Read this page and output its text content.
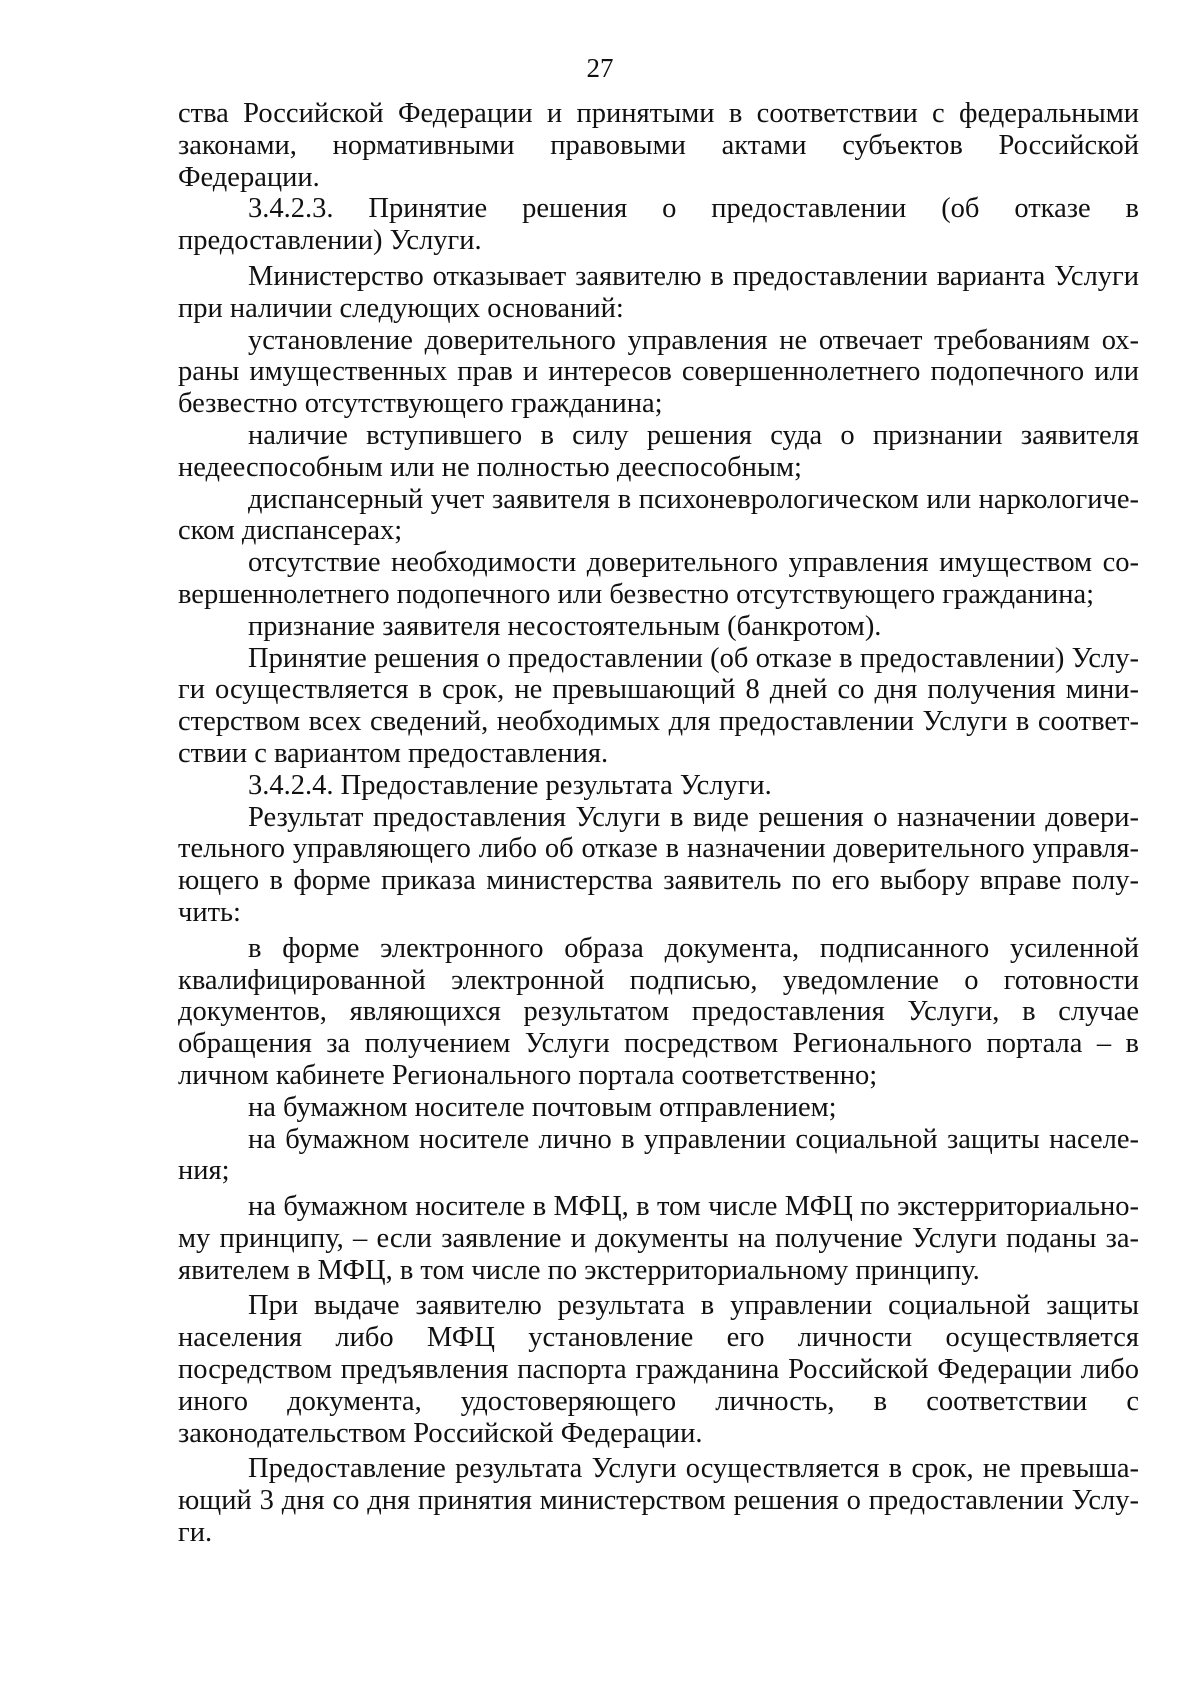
27

ства Российской Федерации и принятыми в соответствии с федеральными законами, нормативными правовыми актами субъектов Российской Федерации.

3.4.2.3. Принятие решения о предоставлении (об отказе в предоставлении) Услуги.

Министерство отказывает заявителю в предоставлении варианта Услуги при наличии следующих оснований:

установление доверительного управления не отвечает требованиям охраны имущественных прав и интересов совершеннолетнего подопечного или безвестно отсутствующего гражданина;

наличие вступившего в силу решения суда о признании заявителя недееспособным или не полностью дееспособным;

диспансерный учет заявителя в психоневрологическом или наркологическом диспансерах;

отсутствие необходимости доверительного управления имуществом совершеннолетнего подопечного или безвестно отсутствующего гражданина;

признание заявителя несостоятельным (банкротом).

Принятие решения о предоставлении (об отказе в предоставлении) Услуги осуществляется в срок, не превышающий 8 дней со дня получения министерством всех сведений, необходимых для предоставлении Услуги в соответствии с вариантом предоставления.

3.4.2.4. Предоставление результата Услуги.

Результат предоставления Услуги в виде решения о назначении доверительного управляющего либо об отказе в назначении доверительного управляющего в форме приказа министерства заявитель по его выбору вправе получить:

в форме электронного образа документа, подписанного усиленной квалифицированной электронной подписью, уведомление о готовности документов, являющихся результатом предоставления Услуги, в случае обращения за получением Услуги посредством Регионального портала – в личном кабинете Регионального портала соответственно;

на бумажном носителе почтовым отправлением;

на бумажном носителе лично в управлении социальной защиты населения;

на бумажном носителе в МФЦ, в том числе МФЦ по экстерриториальному принципу, – если заявление и документы на получение Услуги поданы заявителем в МФЦ, в том числе по экстерриториальному принципу.

При выдаче заявителю результата в управлении социальной защиты населения либо МФЦ установление его личности осуществляется посредством предъявления паспорта гражданина Российской Федерации либо иного документа, удостоверяющего личность, в соответствии с законодательством Российской Федерации.

Предоставление результата Услуги осуществляется в срок, не превышающий 3 дня со дня принятия министерством решения о предоставлении Услуги.
